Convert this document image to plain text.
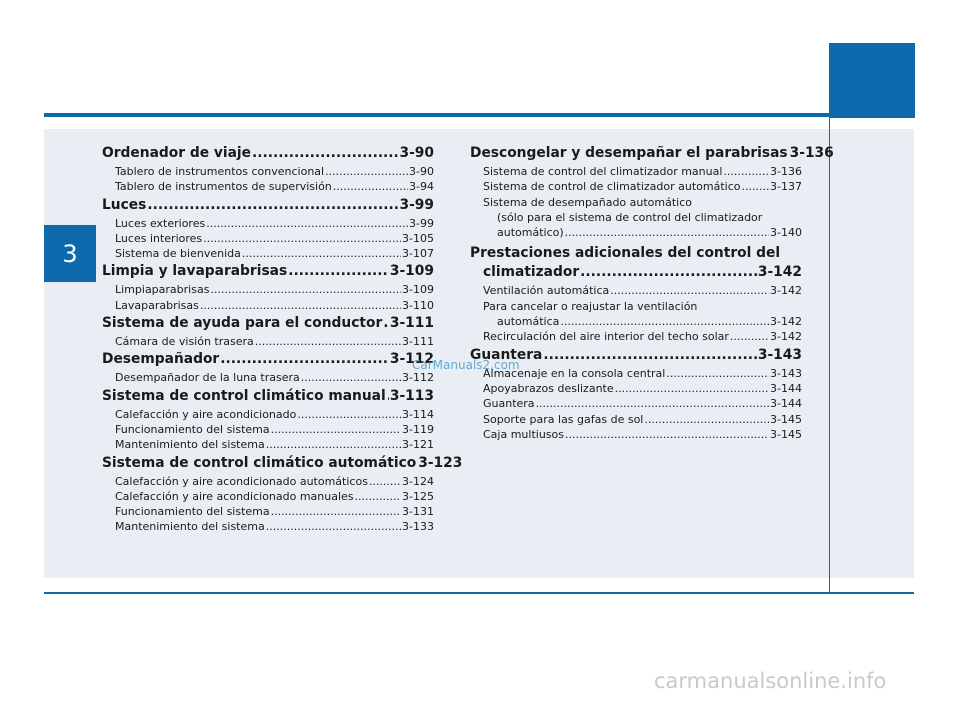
3
Ordenador de viaje .....	3-90
Tablero de instrumentos convencional .....	3-90
Tablero de instrumentos de supervisión .....	3-94
Luces .....	3-99
Luces exteriores .....	3-99
Luces interiores .....	3-105
Sistema de bienvenida .....	3-107
Limpia y lavaparabrisas .....	3-109
Limpiaparabrisas .....	3-109
Lavaparabrisas .....	3-110
Sistema de ayuda para el conductor ..... 3-111
Cámara de visión trasera .....	3-111
Desempañador .....	3-112
Desempañador de la luna trasera .....	3-112
Sistema de control climático manual ..... 3-113
Calefacción y aire acondicionado .....	3-114
Funcionamiento del sistema .....	3-119
Mantenimiento del sistema .....	3-121
Sistema de control climático automático 3-123
Calefacción y aire acondicionado automáticos .....	3-124
Calefacción y aire acondicionado manuales .....	3-125
Funcionamiento del sistema .....	3-131
Mantenimiento del sistema .....	3-133
Descongelar y desempañar el parabrisas 3-136
Sistema de control del climatizador manual .....	3-136
Sistema de control de climatizador automático .....	3-137
Sistema de desempañado automático
(sólo para el sistema de control del climatizador
automático) .....	3-140
Prestaciones adicionales del control del
climatizador .....	3-142
Ventilación automática .....	3-142
Para cancelar o reajustar la ventilación
automática .....	3-142
Recirculación del aire interior del techo solar .....	3-142
Guantera .....	3-143
Almacenaje en la consola central .....	3-143
Apoyabrazos deslizante .....	3-144
Guantera .....	3-144
Soporte para las gafas de sol .....	3-145
Caja multiusos .....	3-145
CarManuals2.com
carmanualsonline.info
